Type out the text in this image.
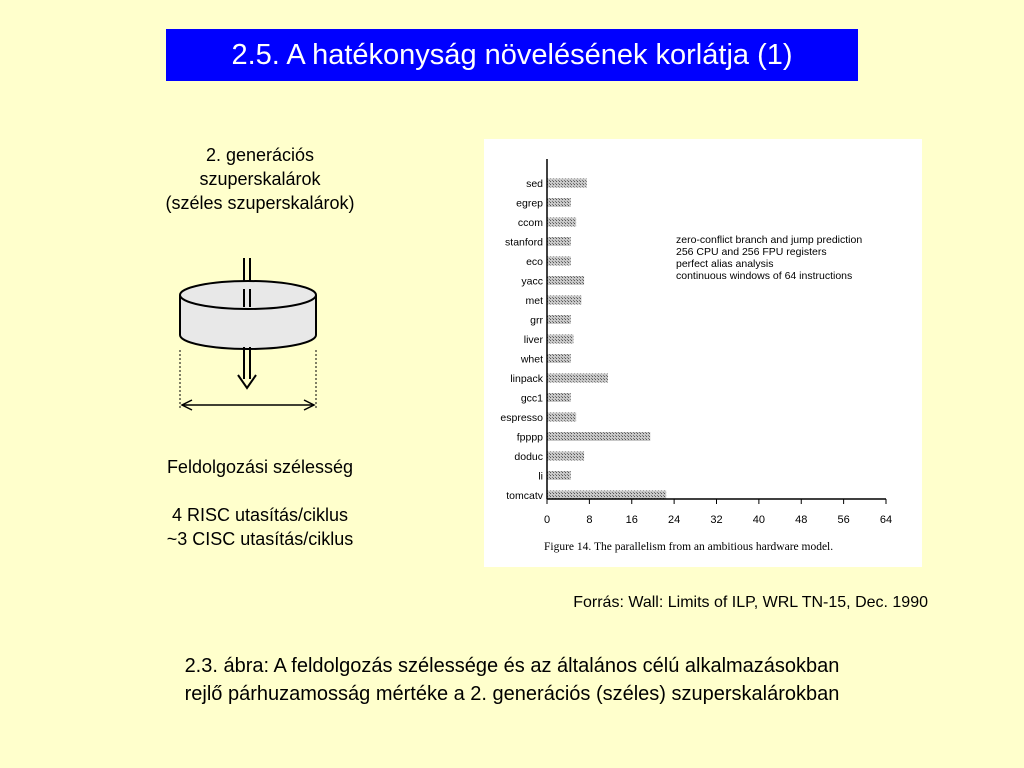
2.5. A hatékonyság növelésének korlátja (1)
2. generációs
szuperskalárok
(széles szuperskalárok)
Feldolgozási szélesség
4 RISC utasítás/ciklus
~3 CISC utasítás/ciklus
sed
egrep
ccom
stanford
eco
yacc
met
grr
liver
whet
linpack
gcc1
espresso
fpppp
doduc
li
tomcatv
0	8	16	24	32	40	48	56	64
zero-conflict branch and jump prediction
256 CPU and 256 FPU registers
perfect alias analysis
continuous windows of 64 instructions
Figure 14. The parallelism from an ambitious hardware model.
Forrás: Wall: Limits of ILP, WRL TN-15, Dec. 1990
2.3. ábra: A feldolgozás szélessége és az általános célú alkalmazásokban
rejlő párhuzamosság mértéke a 2. generációs (széles) szuperskalárokban
